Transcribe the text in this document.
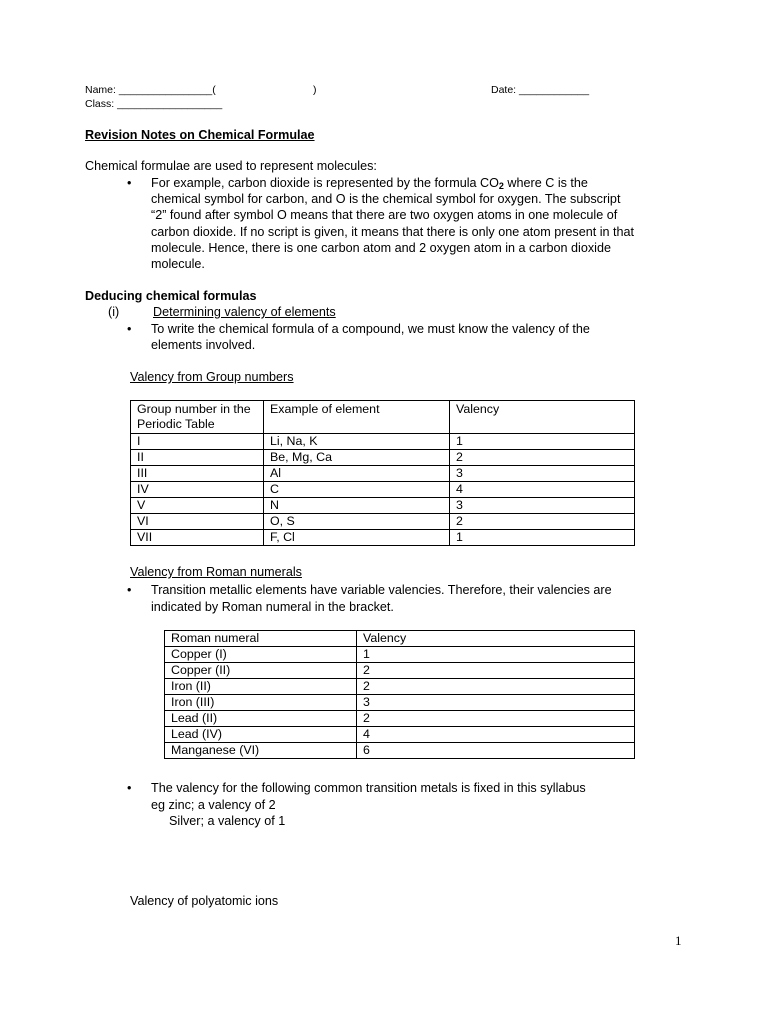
Name: ________________(	)	Date: ____________
Class: __________________
Revision Notes on Chemical Formulae
Chemical formulae are used to represent molecules:
• For example, carbon dioxide is represented by the formula $CO_2$ where C is the
chemical symbol for carbon, and O is the chemical symbol for oxygen. The subscript
“2” found after symbol O means that there are two oxygen atoms in one molecule of
carbon dioxide. If no script is given, it means that there is only one atom present in that
molecule. Hence, there is one carbon atom and 2 oxygen atom in a carbon dioxide
molecule.
Deducing chemical formulas
(i)	Determining valency of elements
• To write the chemical formula of a compound, we must know the valency of the
elements involved.
Valency from Group numbers
Group number in the Periodic Table	Example of element	Valency
I	Li, Na, K	1
II	Be, Mg, Ca	2
III	Al	3
IV	C	4
V	N	3
VI	O, S	2
VII	F, Cl	1
Valency from Roman numerals
• Transition metallic elements have variable valencies. Therefore, their valencies are
indicated by Roman numeral in the bracket.
Roman numeral	Valency
Copper (I)	1
Copper (II)	2
Iron (II)	2
Iron (III)	3
Lead (II)	2
Lead (IV)	4
Manganese (VI)	6
• The valency for the following common transition metals is fixed in this syllabus
eg zinc; a valency of 2
Silver; a valency of 1
Valency of polyatomic ions
1
